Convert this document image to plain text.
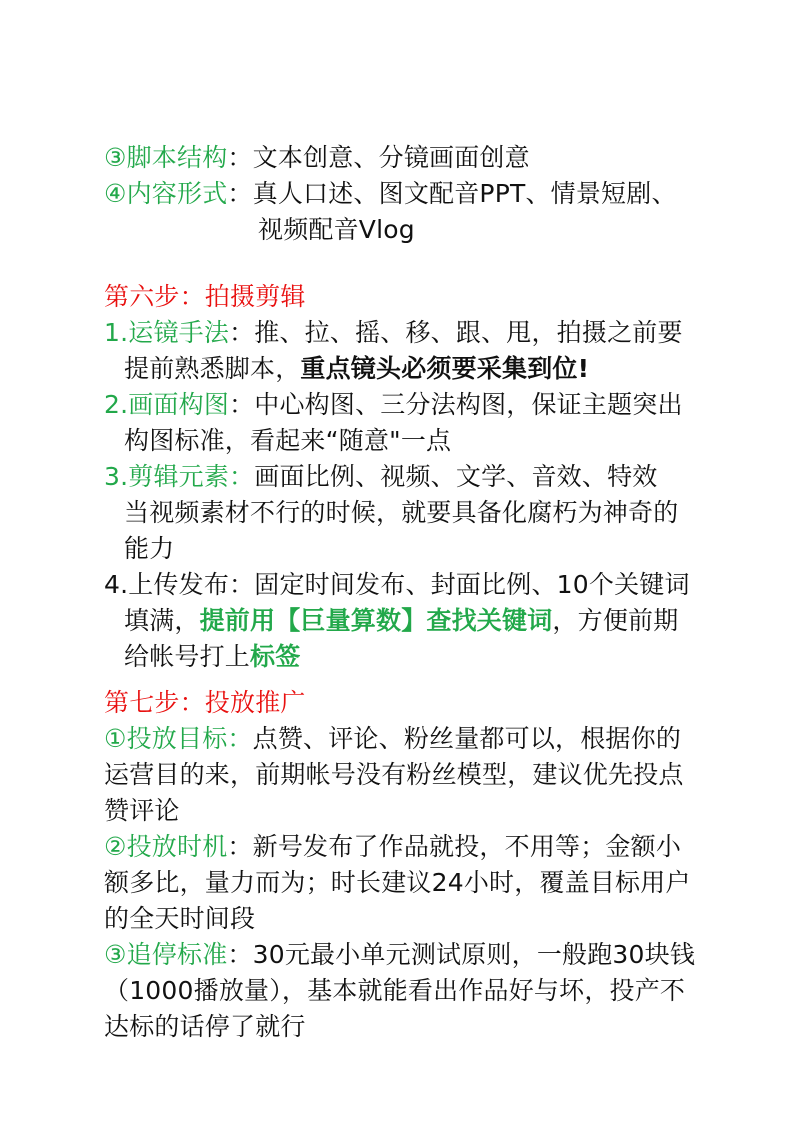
③脚本结构：文本创意、分镜画面创意
④内容形式：真人口述、图文配音PPT、情景短剧、
视频配音Vlog
第六步：拍摄剪辑
1.运镜手法：推、拉、摇、移、跟、甩，拍摄之前要
提前熟悉脚本，重点镜头必须要采集到位!
2.画面构图：中心构图、三分法构图，保证主题突出
构图标准，看起来“随意"一点
3.剪辑元素：画面比例、视频、文学、音效、特效
当视频素材不行的时候，就要具备化腐朽为神奇的
能力
4.上传发布：固定时间发布、封面比例、10个关键词
填满，提前用【巨量算数】查找关键词，方便前期
给帐号打上标签
第七步：投放推广
①投放目标：点赞、评论、粉丝量都可以，根据你的
运营目的来，前期帐号没有粉丝模型，建议优先投点
赞评论
②投放时机：新号发布了作品就投，不用等；金额小
额多比，量力而为；时长建议24小时，覆盖目标用户
的全天时间段
③追停标准：30元最小单元测试原则，一般跑30块钱
（1000播放量），基本就能看出作品好与坏，投产不
达标的话停了就行
